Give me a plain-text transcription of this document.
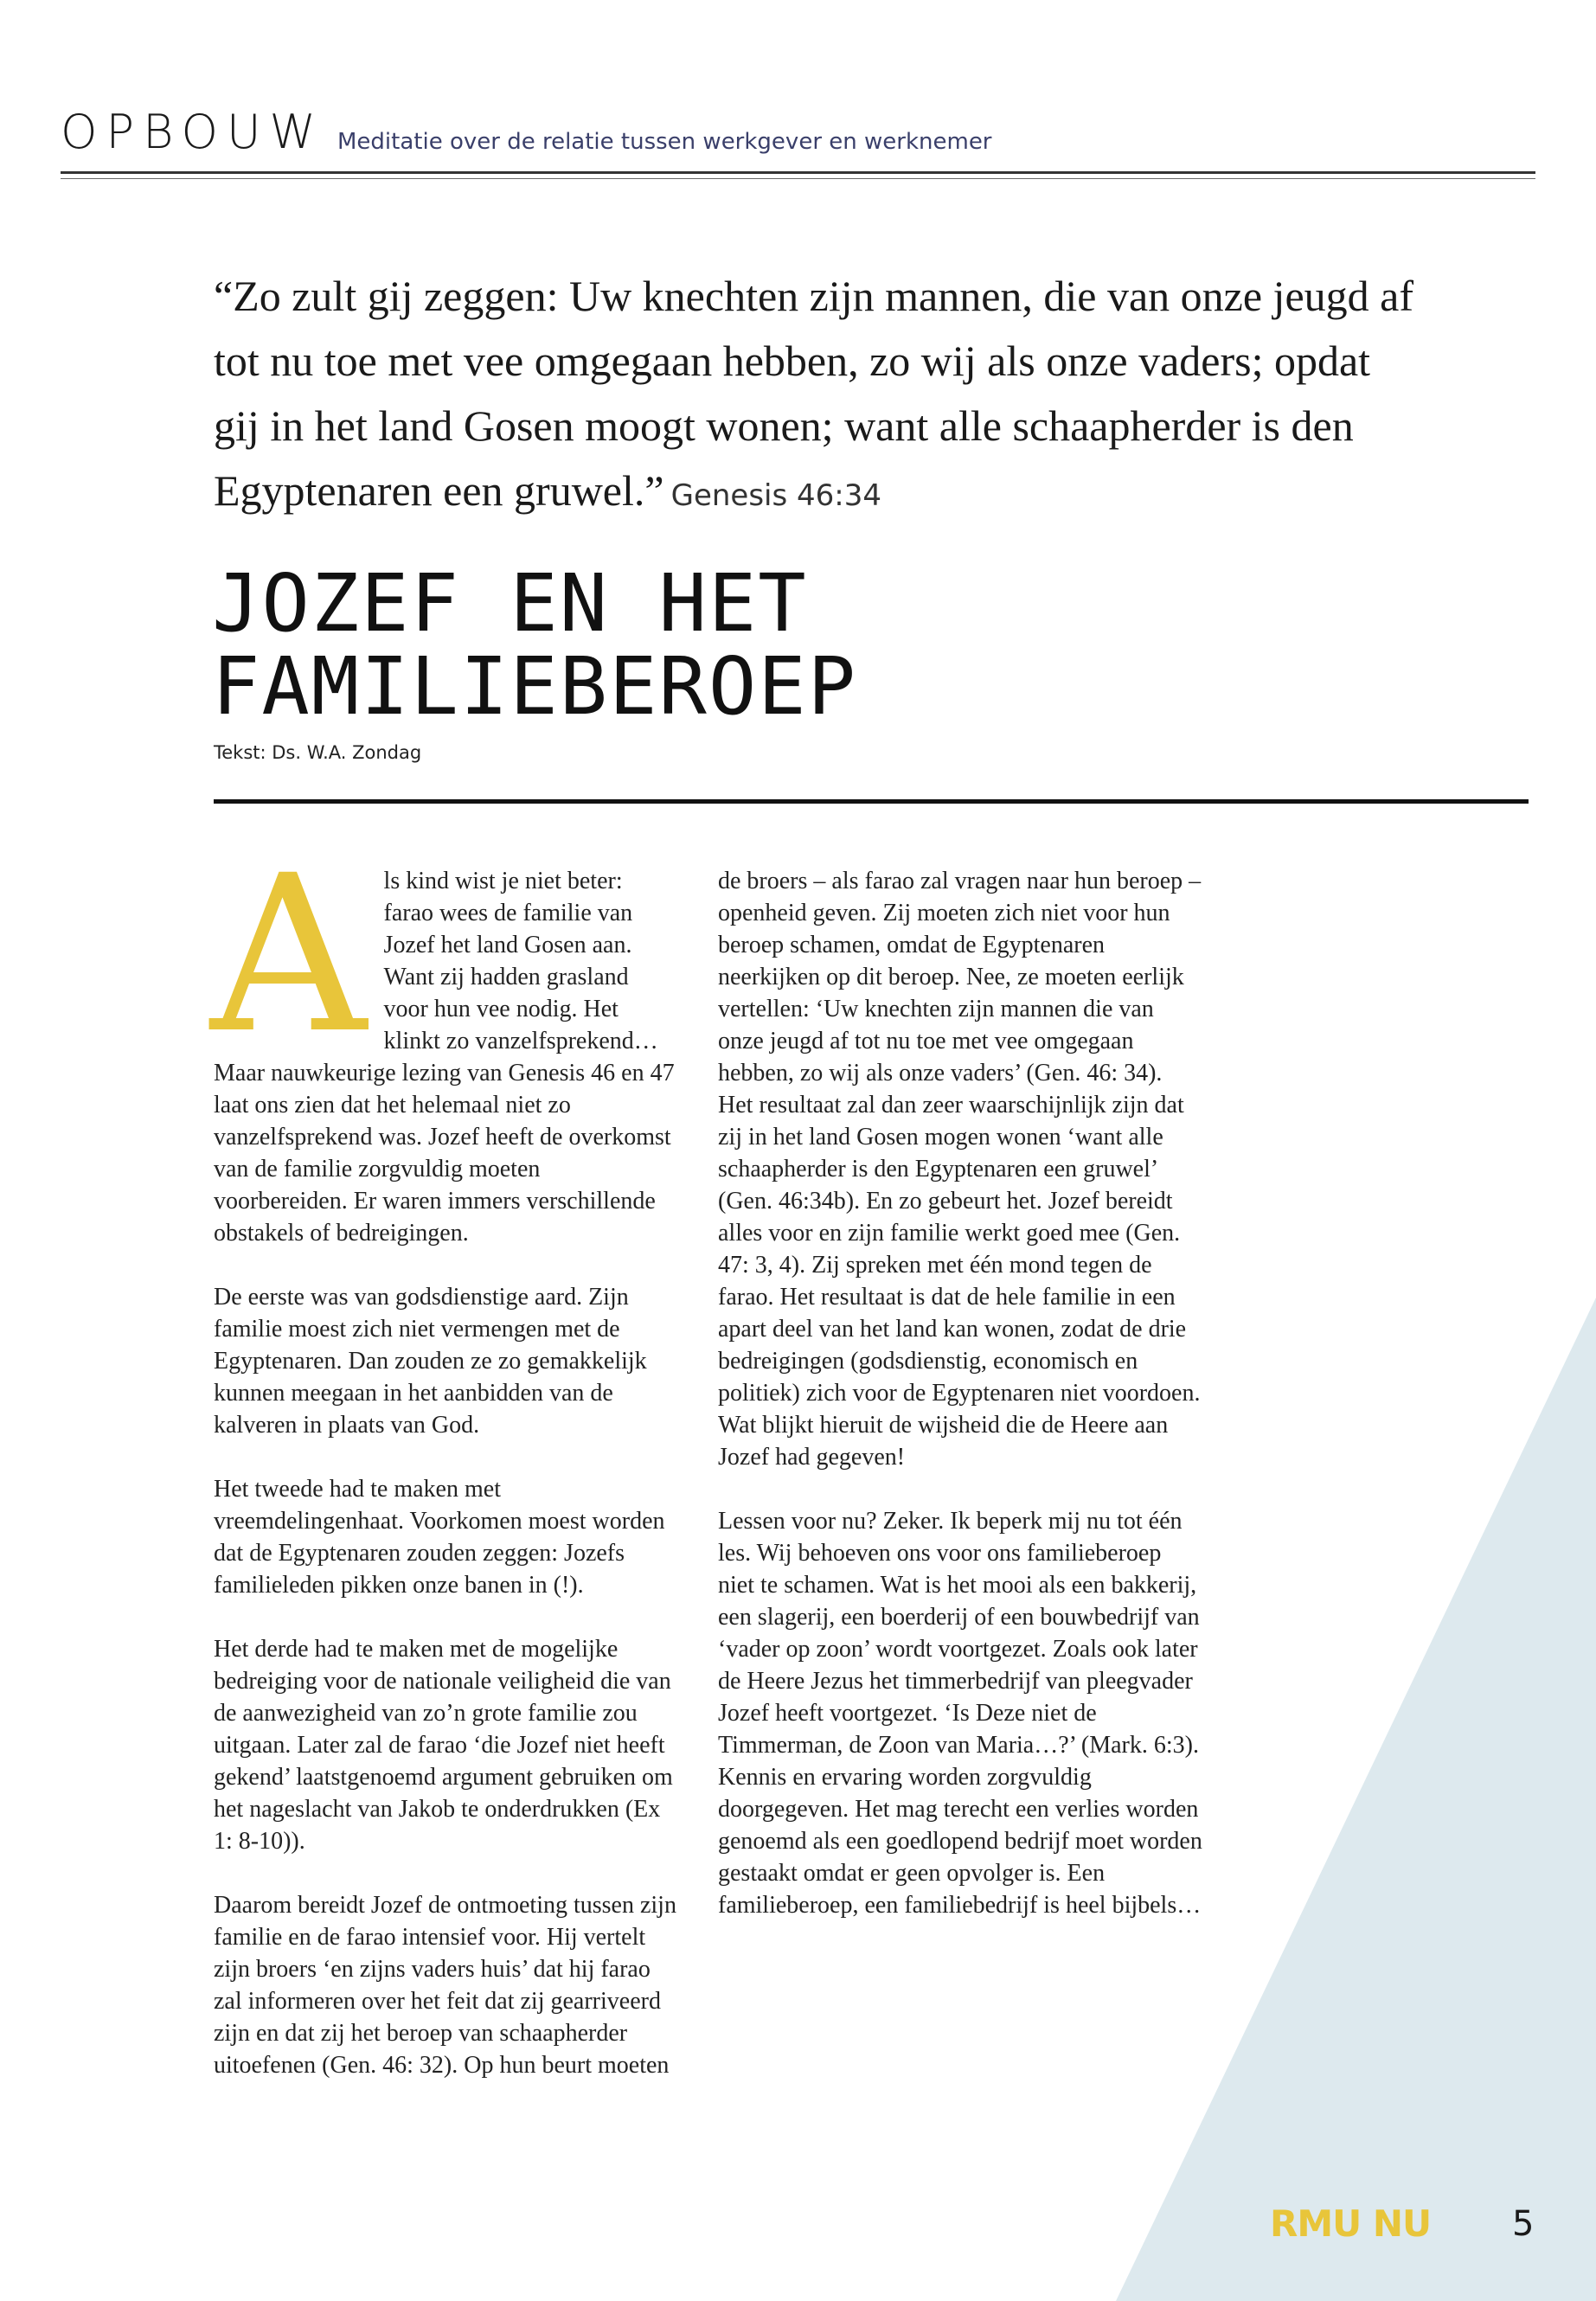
OPBOUW Meditatie over de relatie tussen werkgever en werknemer
“Zo zult gij zeggen: Uw knechten zijn mannen, die van onze jeugd af tot nu toe met vee omgegaan hebben, zo wij als onze vaders; opdat gij in het land Gosen moogt wonen; want alle schaapherder is den Egyptenaren een gruwel.” Genesis 46:34
JOZEF EN HET
FAMILIEBEROEP
Tekst: Ds. W.A. Zondag

Als kind wist je niet beter: farao wees de familie van Jozef het land Gosen aan. Want zij hadden grasland voor hun vee nodig. Het klinkt zo vanzelfsprekend… Maar nauwkeurige lezing van Genesis 46 en 47 laat ons zien dat het helemaal niet zo vanzelfsprekend was. Jozef heeft de overkomst van de familie zorgvuldig moeten voorbereiden. Er waren immers verschillende obstakels of bedreigingen.

De eerste was van godsdienstige aard. Zijn familie moest zich niet vermengen met de Egyptenaren. Dan zouden ze zo gemakkelijk kunnen meegaan in het aanbidden van de kalveren in plaats van God.

Het tweede had te maken met vreemdelingenhaat. Voorkomen moest worden dat de Egyptenaren zouden zeggen: Jozefs familieleden pikken onze banen in (!).

Het derde had te maken met de mogelijke bedreiging voor de nationale veiligheid die van de aanwezigheid van zo’n grote familie zou uitgaan. Later zal de farao ‘die Jozef niet heeft gekend’ laatstgenoemd argument gebruiken om het nageslacht van Jakob te onderdrukken (Ex 1: 8-10)).

Daarom bereidt Jozef de ontmoeting tussen zijn familie en de farao intensief voor. Hij vertelt zijn broers ‘en zijns vaders huis’ dat hij farao zal informeren over het feit dat zij gearriveerd zijn en dat zij het beroep van schaapherder uitoefenen (Gen. 46: 32). Op hun beurt moeten

de broers – als farao zal vragen naar hun beroep – openheid geven. Zij moeten zich niet voor hun beroep schamen, omdat de Egyptenaren neerkijken op dit beroep. Nee, ze moeten eerlijk vertellen: ‘Uw knechten zijn mannen die van onze jeugd af tot nu toe met vee omgegaan hebben, zo wij als onze vaders’ (Gen. 46: 34). Het resultaat zal dan zeer waarschijnlijk zijn dat zij in het land Gosen mogen wonen ‘want alle schaapherder is den Egyptenaren een gruwel’ (Gen. 46:34b). En zo gebeurt het. Jozef bereidt alles voor en zijn familie werkt goed mee (Gen. 47: 3, 4). Zij spreken met één mond tegen de farao. Het resultaat is dat de hele familie in een apart deel van het land kan wonen, zodat de drie bedreigingen (godsdienstig, economisch en politiek) zich voor de Egyptenaren niet voordoen. Wat blijkt hieruit de wijsheid die de Heere aan Jozef had gegeven!

Lessen voor nu? Zeker. Ik beperk mij nu tot één les. Wij behoeven ons voor ons familieberoep niet te schamen. Wat is het mooi als een bakkerij, een slagerij, een boerderij of een bouwbedrijf van ‘vader op zoon’ wordt voortgezet. Zoals ook later de Heere Jezus het timmerbedrijf van pleegvader Jozef heeft voortgezet. ‘Is Deze niet de Timmerman, de Zoon van Maria…?’ (Mark. 6:3). Kennis en ervaring worden zorgvuldig doorgegeven. Het mag terecht een verlies worden genoemd als een goedlopend bedrijf moet worden gestaakt omdat er geen opvolger is. Een familieberoep, een familiebedrijf is heel bijbels…

RMU NU 5
